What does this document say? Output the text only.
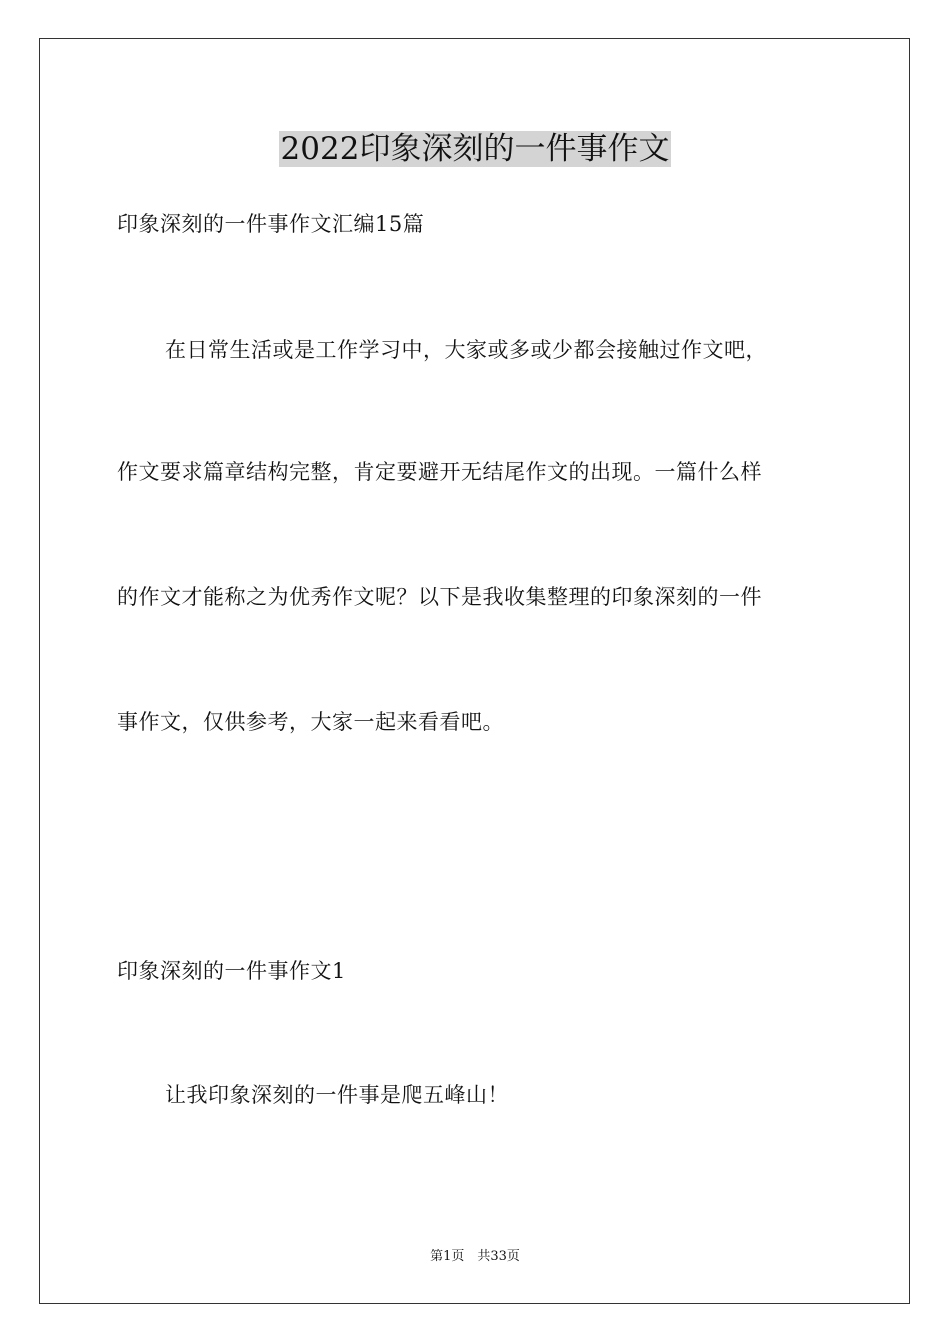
2022印象深刻的一件事作文

印象深刻的一件事作文汇编15篇

在日常生活或是工作学习中，大家或多或少都会接触过作文吧，

作文要求篇章结构完整，肯定要避开无结尾作文的出现。一篇什么样

的作文才能称之为优秀作文呢？以下是我收集整理的印象深刻的一件

事作文，仅供参考，大家一起来看看吧。

印象深刻的一件事作文1

让我印象深刻的一件事是爬五峰山！

第1页　共33页
